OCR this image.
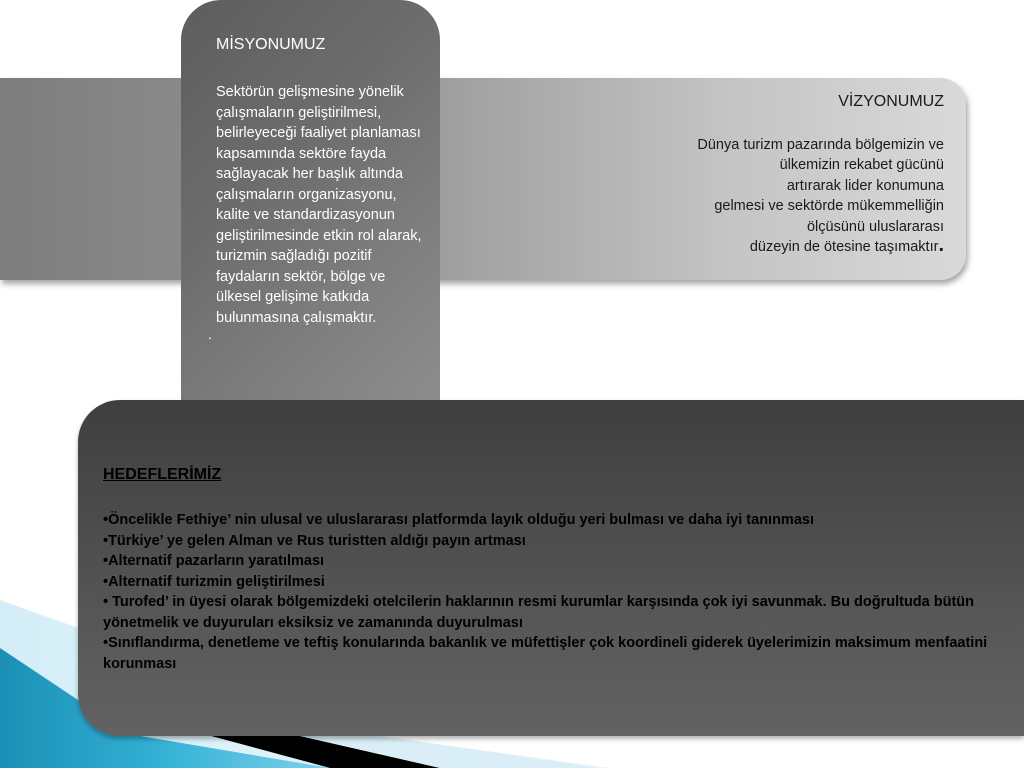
VİZYONUMUZ

Dünya turizm pazarında bölgemizin ve

ülkemizin rekabet gücünü

artırarak lider konumuna

gelmesi ve sektörde mükemmelliğin

ölçüsünü uluslararası

düzeyin de ötesine taşımaktır.

MİSYONUMUZ

Sektörün gelişmesine yönelik çalışmaların geliştirilmesi, belirleyeceği faaliyet planlaması kapsamında sektöre fayda sağlayacak her başlık altında çalışmaların organizasyonu, kalite ve standardizasyonun geliştirilmesinde etkin rol alarak, turizmin sağladığı pozitif faydaların sektör, bölge ve ülkesel gelişime katkıda bulunmasına çalışmaktır.

.
HEDEFLERİMİZ
•Öncelikle Fethiye’ nin ulusal ve uluslararası platformda layık olduğu yeri bulması ve daha iyi tanınması
•Türkiye’ ye gelen Alman ve Rus turistten aldığı payın artması
•Alternatif pazarların yaratılması
•Alternatif turizmin geliştirilmesi
• Turofed’ in üyesi olarak bölgemizdeki otelcilerin haklarının resmi kurumlar karşısında çok iyi savunmak. Bu doğrultuda bütün yönetmelik ve duyuruları eksiksiz ve zamanında duyurulması
•Sınıflandırma, denetleme ve teftiş konularında bakanlık ve müfettişler çok koordineli giderek üyelerimizin maksimum menfaatini korunması
